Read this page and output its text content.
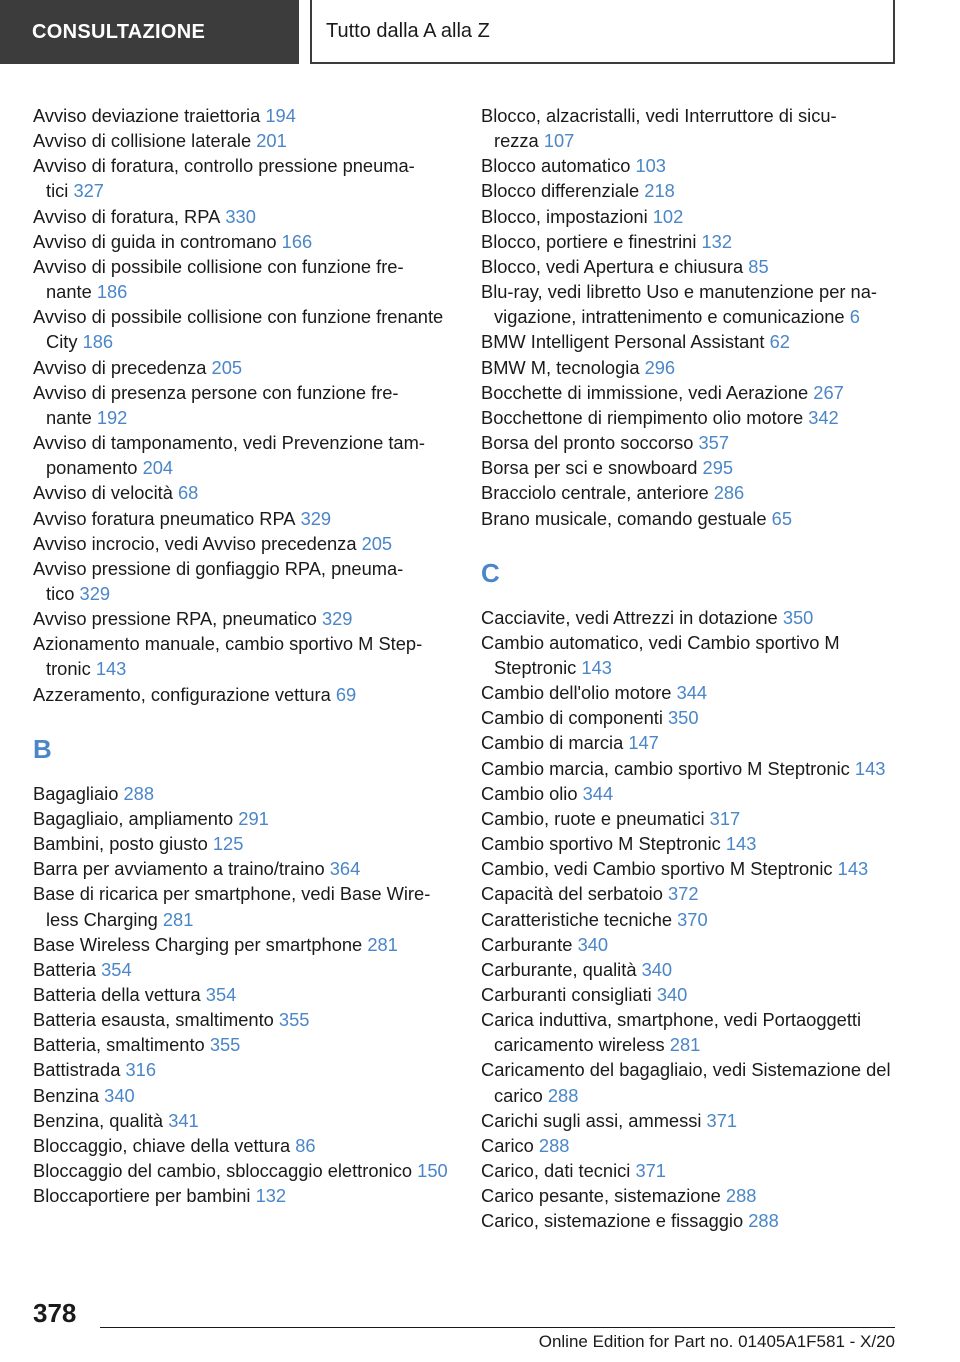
CONSULTAZIONE	Tutto dalla A alla Z
Avviso deviazione traiettoria 194
Avviso di collisione laterale 201
Avviso di foratura, controllo pressione pneumatici 327
Avviso di foratura, RPA 330
Avviso di guida in contromano 166
Avviso di possibile collisione con funzione frenante 186
Avviso di possibile collisione con funzione frenante City 186
Avviso di precedenza 205
Avviso di presenza persone con funzione frenante 192
Avviso di tamponamento, vedi Prevenzione tamponamento 204
Avviso di velocità 68
Avviso foratura pneumatico RPA 329
Avviso incrocio, vedi Avviso precedenza 205
Avviso pressione di gonfiaggio RPA, pneumatico 329
Avviso pressione RPA, pneumatico 329
Azionamento manuale, cambio sportivo M Steptronic 143
Azzeramento, configurazione vettura 69
B
Bagagliaio 288
Bagagliaio, ampliamento 291
Bambini, posto giusto 125
Barra per avviamento a traino/traino 364
Base di ricarica per smartphone, vedi Base Wireless Charging 281
Base Wireless Charging per smartphone 281
Batteria 354
Batteria della vettura 354
Batteria esausta, smaltimento 355
Batteria, smaltimento 355
Battistrada 316
Benzina 340
Benzina, qualità 341
Bloccaggio, chiave della vettura 86
Bloccaggio del cambio, sbloccaggio elettronico 150
Bloccaportiere per bambini 132
Blocco, alzacristalli, vedi Interruttore di sicurezza 107
Blocco automatico 103
Blocco differenziale 218
Blocco, impostazioni 102
Blocco, portiere e finestrini 132
Blocco, vedi Apertura e chiusura 85
Blu-ray, vedi libretto Uso e manutenzione per navigazione, intrattenimento e comunicazione 6
BMW Intelligent Personal Assistant 62
BMW M, tecnologia 296
Bocchette di immissione, vedi Aerazione 267
Bocchettone di riempimento olio motore 342
Borsa del pronto soccorso 357
Borsa per sci e snowboard 295
Bracciolo centrale, anteriore 286
Brano musicale, comando gestuale 65
C
Cacciavite, vedi Attrezzi in dotazione 350
Cambio automatico, vedi Cambio sportivo M Steptronic 143
Cambio dell'olio motore 344
Cambio di componenti 350
Cambio di marcia 147
Cambio marcia, cambio sportivo M Steptronic 143
Cambio olio 344
Cambio, ruote e pneumatici 317
Cambio sportivo M Steptronic 143
Cambio, vedi Cambio sportivo M Steptronic 143
Capacità del serbatoio 372
Caratteristiche tecniche 370
Carburante 340
Carburante, qualità 340
Carburanti consigliati 340
Carica induttiva, smartphone, vedi Portaoggetti caricamento wireless 281
Caricamento del bagagliaio, vedi Sistemazione del carico 288
Carichi sugli assi, ammessi 371
Carico 288
Carico, dati tecnici 371
Carico pesante, sistemazione 288
Carico, sistemazione e fissaggio 288
378
Online Edition for Part no. 01405A1F581 - X/20
